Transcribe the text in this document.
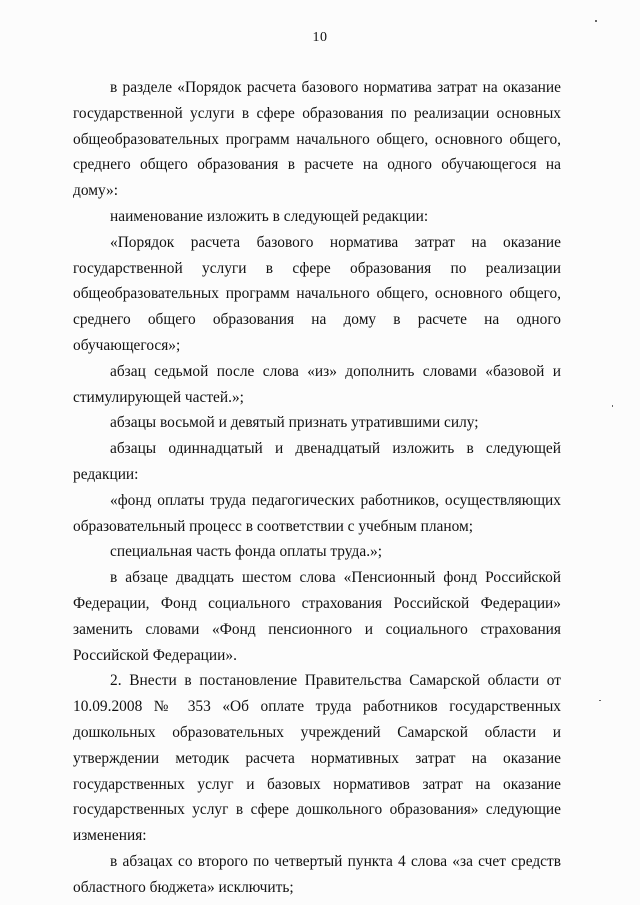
10

в разделе «Порядок расчета базового норматива затрат на оказание государственной услуги в сфере образования по реализации основных общеобразовательных программ начального общего, основного общего, среднего общего образования в расчете на одного обучающегося на дому»:

наименование изложить в следующей редакции:

«Порядок расчета базового норматива затрат на оказание государственной услуги в сфере образования по реализации общеобразовательных программ начального общего, основного общего, среднего общего образования на дому в расчете на одного обучающегося»;

абзац седьмой после слова «из» дополнить словами «базовой и стимулирующей частей.»;

абзацы восьмой и девятый признать утратившими силу;

абзацы одиннадцатый и двенадцатый изложить в следующей редакции:

«фонд оплаты труда педагогических работников, осуществляющих образовательный процесс в соответствии с учебным планом;

специальная часть фонда оплаты труда.»;

в абзаце двадцать шестом слова «Пенсионный фонд Российской Федерации, Фонд социального страхования Российской Федерации» заменить словами «Фонд пенсионного и социального страхования Российской Федерации».

2. Внести в постановление Правительства Самарской области от 10.09.2008 № 353 «Об оплате труда работников государственных дошкольных образовательных учреждений Самарской области и утверждении методик расчета нормативных затрат на оказание государственных услуг и базовых нормативов затрат на оказание государственных услуг в сфере дошкольного образования» следующие изменения:

в абзацах со второго по четвертый пункта 4 слова «за счет средств областного бюджета» исключить;
